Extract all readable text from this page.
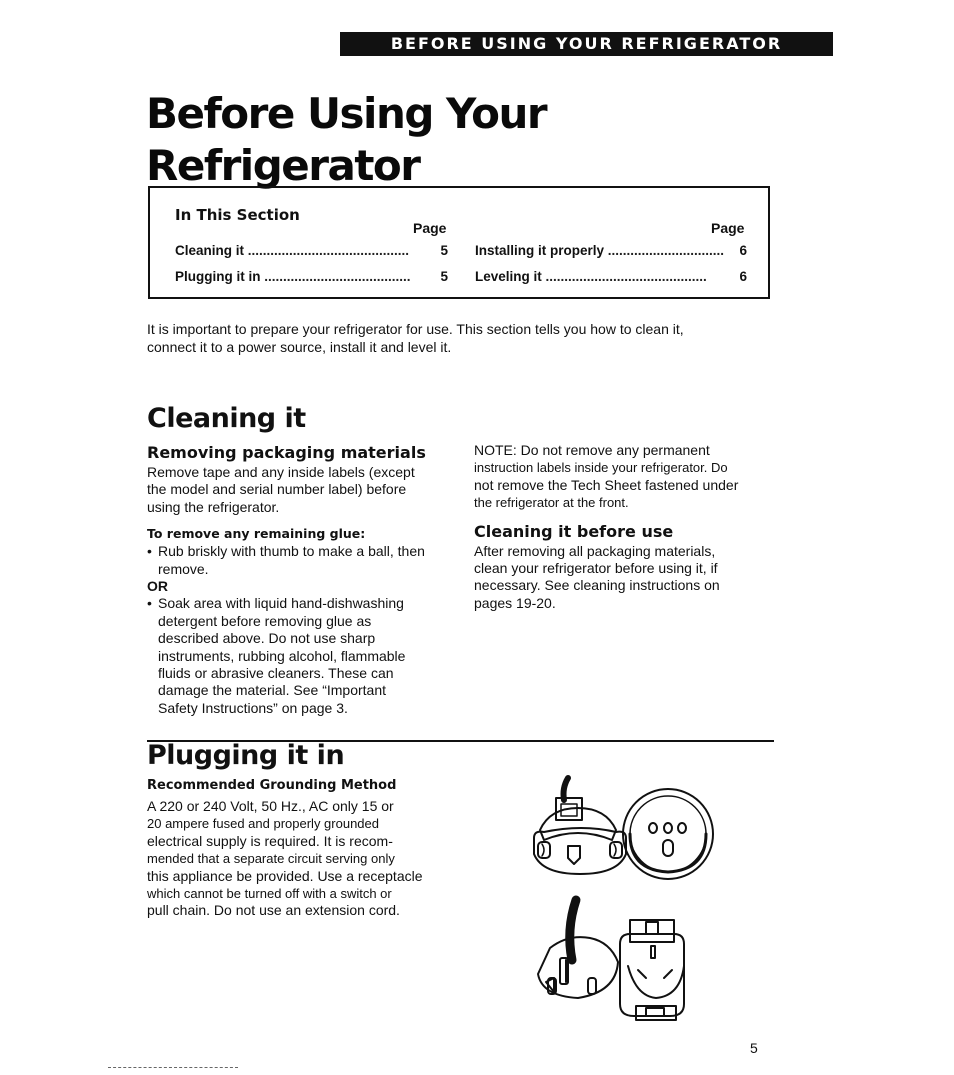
BEFORE USING YOUR REFRIGERATOR
Before Using Your
Refrigerator
In This Section
Page	Page
Cleaning it ........................................... 5
Plugging it in ....................................... 5
Installing it properly ............................... 6
Leveling it ........................................... 6
It is important to prepare your refrigerator for use. This section tells you how to clean it,
connect it to a power source, install it and level it.
Cleaning it
Removing packaging materials
Remove tape and any inside labels (except
the model and serial number label) before
using the refrigerator.
To remove any remaining glue:
• Rub briskly with thumb to make a ball, then
remove.
OR
• Soak area with liquid hand-dishwashing
detergent before removing glue as
described above. Do not use sharp
instruments, rubbing alcohol, flammable
fluids or abrasive cleaners. These can
damage the material. See “Important
Safety Instructions” on page 3.
NOTE: Do not remove any permanent
instruction labels inside your refrigerator. Do
not remove the Tech Sheet fastened under
the refrigerator at the front.
Cleaning it before use
After removing all packaging materials,
clean your refrigerator before using it, if
necessary. See cleaning instructions on
pages 19-20.
Plugging it in
Recommended Grounding Method
A 220 or 240 Volt, 50 Hz., AC only 15 or
20 ampere fused and properly grounded
electrical supply is required. It is recom-
mended that a separate circuit serving only
this appliance be provided. Use a receptacle
which cannot be turned off with a switch or
pull chain. Do not use an extension cord.
5
